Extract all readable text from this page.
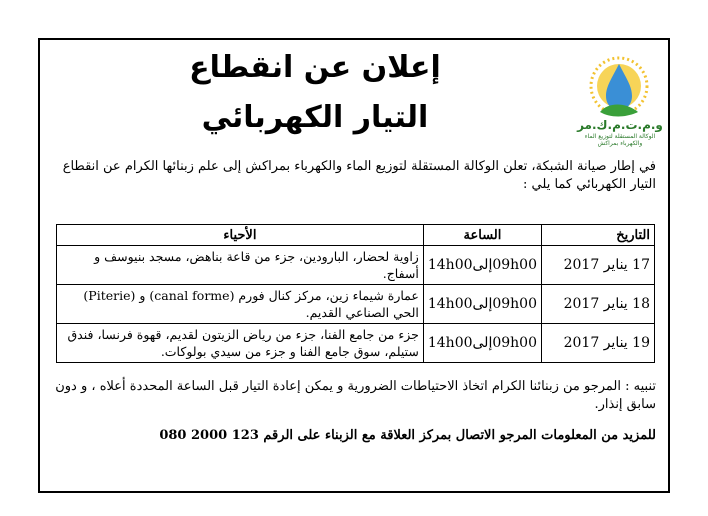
إعلان عن انقطاع
التيار الكهربائي	و.م.ت.م.ك.مر
الوكالة المستقلة لتوزيع الماء والكهرباء بمراكش
في إطار صيانة الشبكة، تعلن الوكالة المستقلة لتوزيع الماء والكهرباء بمراكش إلى علم زبنائها الكرام عن انقطاع التيار الكهربائي كما يلي :
التاريخ	الساعة	الأحياء
17 يناير 2017	09h00إلى14h00	زاوية لحضار، البارودين، جزء من قاعة بناهض، مسجد بنيوسف و أسفاج.
18 يناير 2017	09h00إلى14h00	عمارة شيماء زين، مركز كنال فورم (canal forme) و (Piterie) الحي الصناعي القديم.
19 يناير 2017	09h00إلى14h00	جزء من جامع الفنا، جزء من رياض الزيتون لقديم، قهوة فرنسا، فندق ستيلم، سوق جامع الفنا و جزء من سيدي بولوكات.
تنبيه : المرجو من زبنائنا الكرام اتخاذ الاحتياطات الضرورية و يمكن إعادة التيار قبل الساعة المحددة أعلاه ، و دون سابق إنذار.
للمزيد من المعلومات المرجو الاتصال بمركز العلاقة مع الزبناء على الرقم 123 2000 080
